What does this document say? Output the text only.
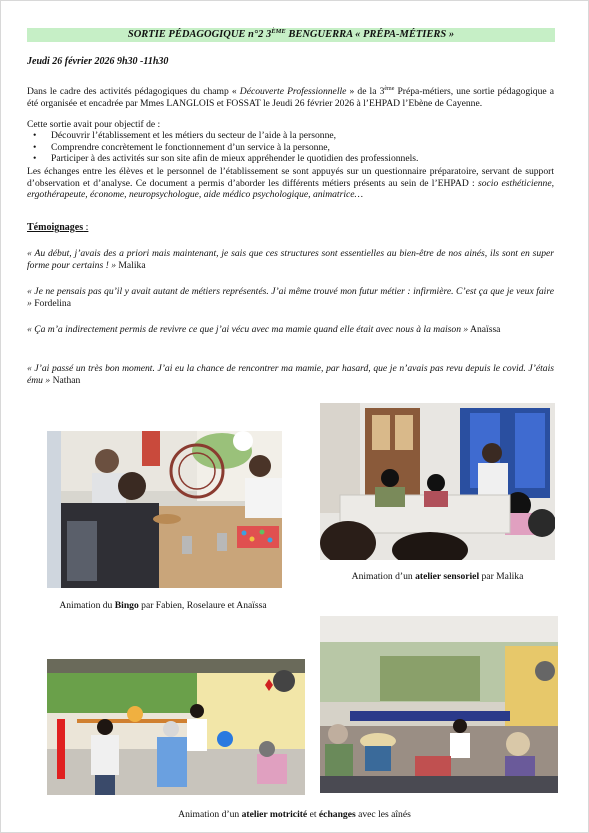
SORTIE PÉDAGOGIQUE n°2 3ÈME BENGUERRA « PRÉPA-MÉTIERS »
Jeudi 26 février 2026 9h30 -11h30
Dans le cadre des activités pédagogiques du champ « Découverte Professionnelle » de la 3ème Prépa-métiers, une sortie pédagogique a été organisée et encadrée par Mmes LANGLOIS et FOSSAT le Jeudi 26 février 2026 à l’EHPAD l’Ebène de Cayenne.
Cette sortie avait pour objectif de :
• Découvrir l’établissement et les métiers du secteur de l’aide à la personne,
• Comprendre concrètement le fonctionnement d’un service à la personne,
• Participer à des activités sur son site afin de mieux appréhender le quotidien des professionnels.
Les échanges entre les élèves et le personnel de l’établissement se sont appuyés sur un questionnaire préparatoire, servant de support d’observation et d’analyse. Ce document a permis d’aborder les différents métiers présents au sein de l’EHPAD : socio esthéticienne, ergothérapeute, économe, neuropsychologue, aide médico psychologique, animatrice…
Témoignages :
« Au début, j’avais des a priori mais maintenant, je sais que ces structures sont essentielles au bien-être de nos ainés, ils sont en super forme pour certains ! » Malika
« Je ne pensais pas qu’il y avait autant de métiers représentés. J’ai même trouvé mon futur métier : infirmière. C’est ça que je veux faire » Fordelina
« Ça m’a indirectement permis de revivre ce que j’ai vécu avec ma mamie quand elle était avec nous à la maison » Anaïssa
« J’ai passé un très bon moment. J’ai eu la chance de rencontrer ma mamie, par hasard, que je n’avais pas revu depuis le covid. J’étais ému » Nathan
Animation d’un atelier sensoriel par Malika
Animation du Bingo par Fabien, Roselaure et Anaïssa
Animation d’un atelier motricité et échanges avec les aînés
